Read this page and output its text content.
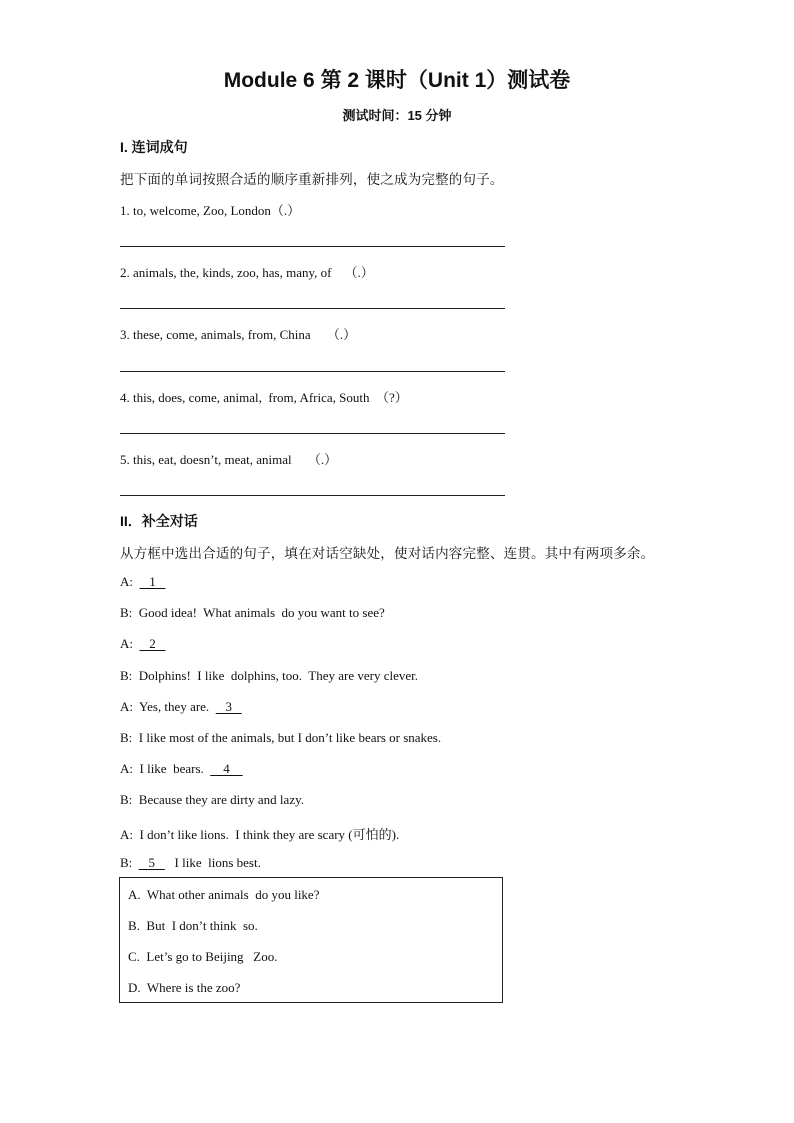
Module 6 第 2 课时（Unit 1）测试卷
测试时间：15 分钟
I. 连词成句
把下面的单词按照合适的顺序重新排列，使之成为完整的句子。
1. to, welcome, Zoo, London（.）
2. animals, the, kinds, zoo, has, many, of    （.）
3. these, come, animals, from, China     （.）
4. this, does, come, animal,  from, Africa, South  （?）
5. this, eat, doesn’t, meat, animal     （.）
II．补全对话
从方框中选出合适的句子，填在对话空缺处，使对话内容完整、连贯。其中有两项多余。
A:     1
B:  Good idea!  What animals  do you want to see?
A:     2
B:  Dolphins!  I like  dolphins, too.  They are very clever.
A:  Yes, they are.     3
B:  I like most of the animals, but I don’t like bears or snakes.
A:  I like  bears.      4
B:  Because they are dirty and lazy.
A:  I don’t like lions.  I think they are scary (可怕的).
B:     5      I like  lions best.
A.  What other animals  do you like?
B.  But  I don’t think  so.
C.  Let’s go to Beijing   Zoo.
D.  Where is the zoo?
